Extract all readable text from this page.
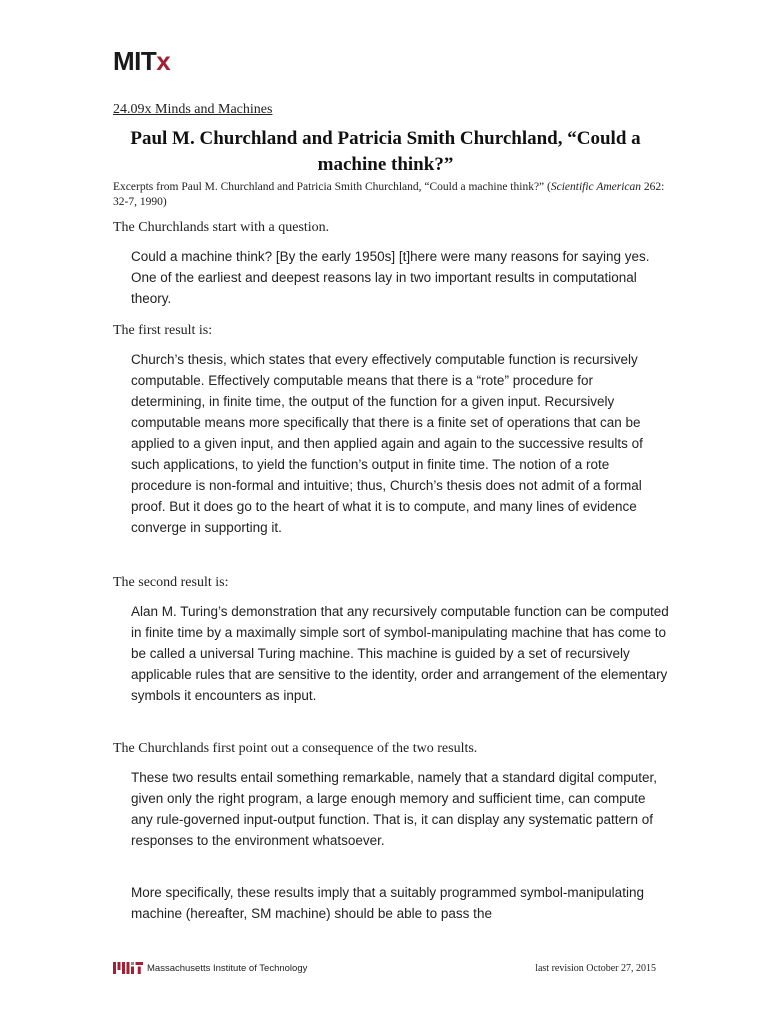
MITx
24.09x Minds and Machines
Paul M. Churchland and Patricia Smith Churchland, “Could a machine think?”
Excerpts from Paul M. Churchland and Patricia Smith Churchland, “Could a machine think?” (Scientific American 262: 32-7, 1990)
The Churchlands start with a question.
Could a machine think? [By the early 1950s] [t]here were many reasons for saying yes. One of the earliest and deepest reasons lay in two important results in computational theory.
The first result is:
Church’s thesis, which states that every effectively computable function is recursively computable. Effectively computable means that there is a “rote” procedure for determining, in finite time, the output of the function for a given input. Recursively computable means more specifically that there is a finite set of operations that can be applied to a given input, and then applied again and again to the successive results of such applications, to yield the function’s output in finite time. The notion of a rote procedure is non-formal and intuitive; thus, Church’s thesis does not admit of a formal proof. But it does go to the heart of what it is to compute, and many lines of evidence converge in supporting it.
The second result is:
Alan M. Turing’s demonstration that any recursively computable function can be computed in finite time by a maximally simple sort of symbol-manipulating machine that has come to be called a universal Turing machine. This machine is guided by a set of recursively applicable rules that are sensitive to the identity, order and arrangement of the elementary symbols it encounters as input.
The Churchlands first point out a consequence of the two results.
These two results entail something remarkable, namely that a standard digital computer, given only the right program, a large enough memory and sufficient time, can compute any rule-governed input-output function. That is, it can display any systematic pattern of responses to the environment whatsoever.
More specifically, these results imply that a suitably programmed symbol-manipulating machine (hereafter, SM machine) should be able to pass the
Massachusetts Institute of Technology	last revision October 27, 2015
